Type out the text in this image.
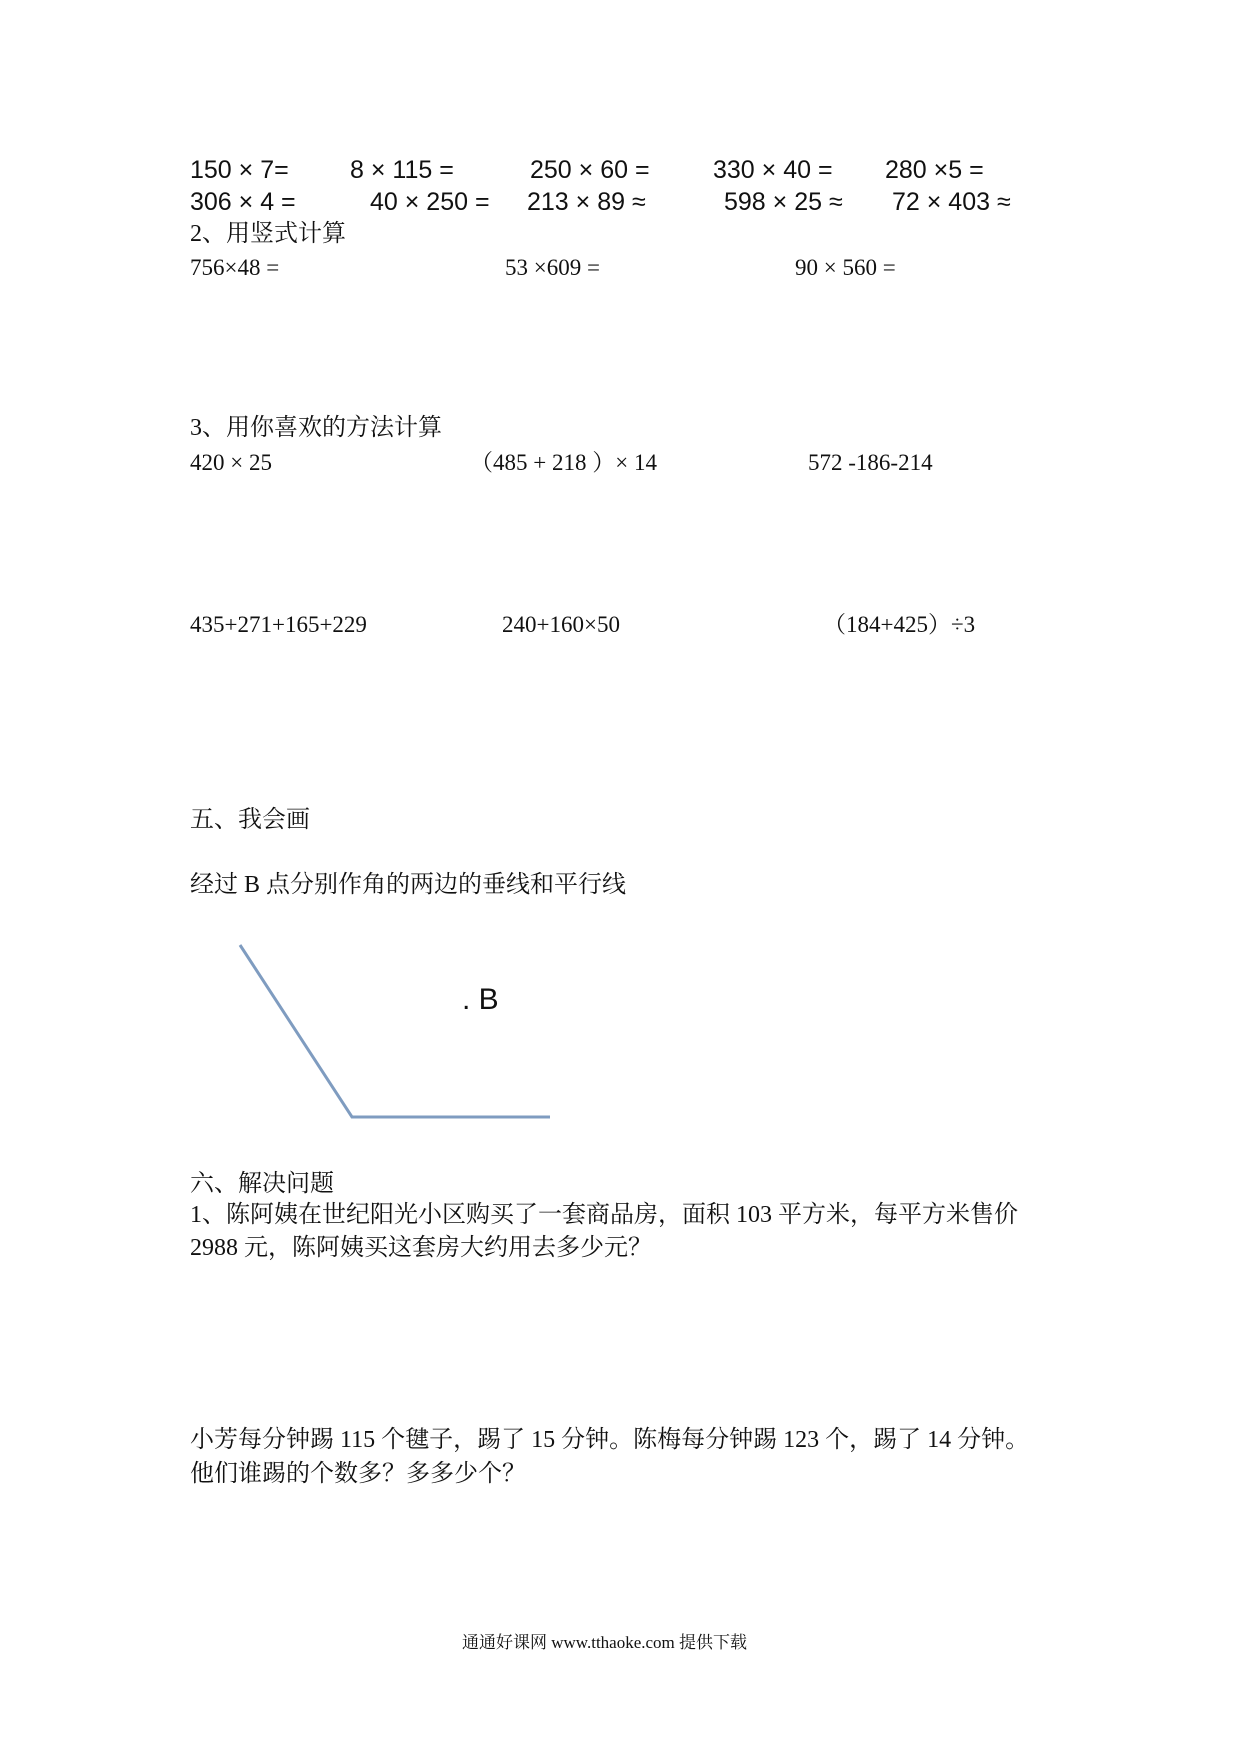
150 × 7= 8 × 115 =	250 × 60 =	330 × 40 = 280 ×5 =
306 × 4 =	40 × 250 = 213 × 89 ≈	598 × 25 ≈ 72 × 403 ≈
2、用竖式计算
756×48 =	53 ×609 =	90 × 560 =
3、用你喜欢的方法计算
420 × 25	（485 + 218 ）× 14	572 -186-214
435+271+165+229	240+160×50	（184+425）÷3
五、我会画
经过 B 点分别作角的两边的垂线和平行线
. B
六、解决问题
1、陈阿姨在世纪阳光小区购买了一套商品房，面积 103 平方米，每平方米售价
2988 元，陈阿姨买这套房大约用去多少元？
小芳每分钟踢 115 个毽子，踢了 15 分钟。陈梅每分钟踢 123 个，踢了 14 分钟。
他们谁踢的个数多？多多少个？
通通好课网 www.tthaoke.com 提供下载
